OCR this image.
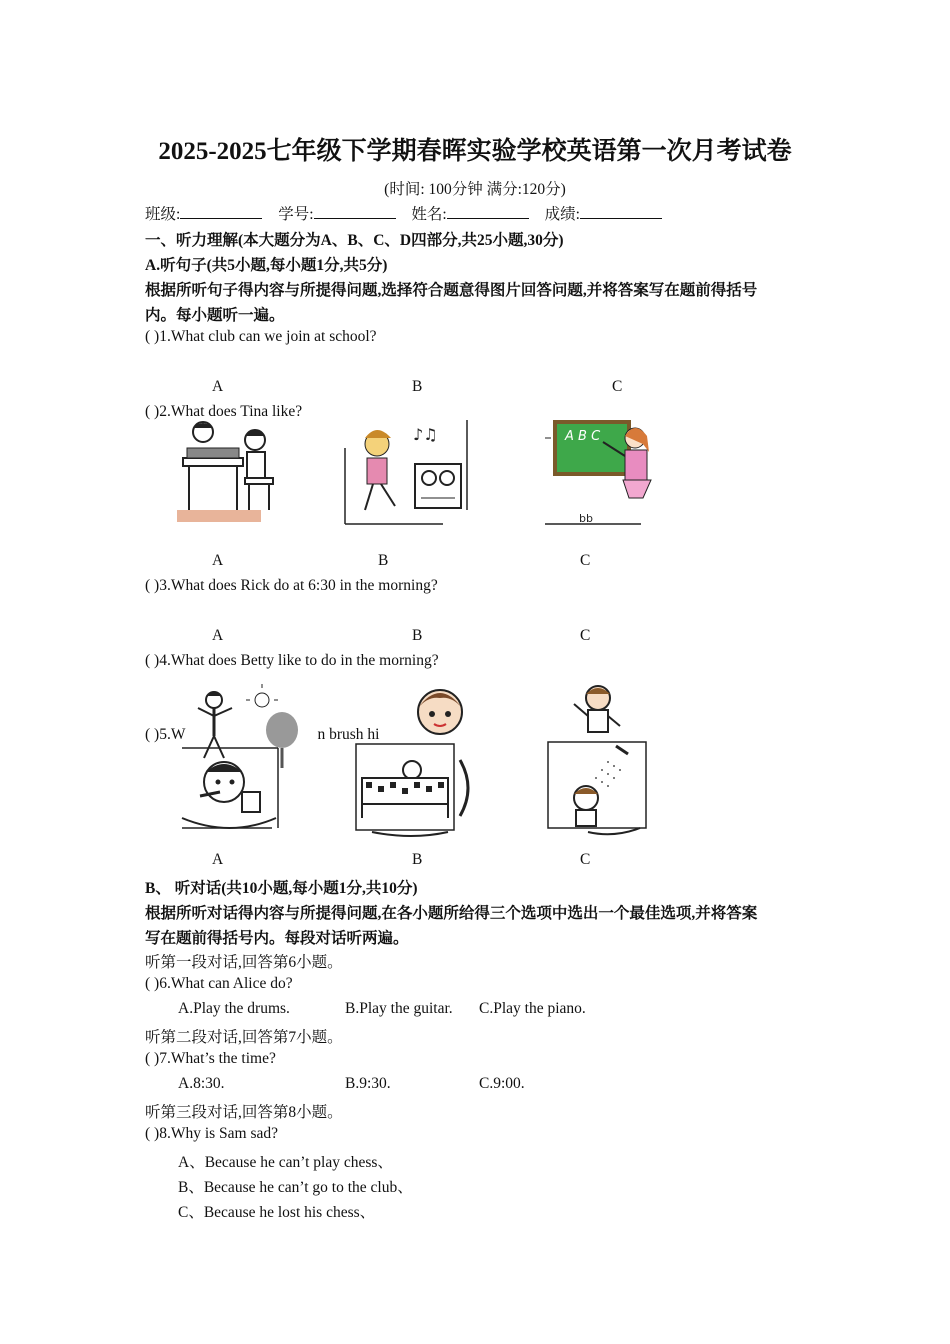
2025-2025七年级下学期春晖实验学校英语第一次月考试卷
(时间: 100分钟 满分:120分)
班级:	学号:	姓名:	成绩:
一、听力理解(本大题分为A、B、C、D四部分,共25小题,30分)
A.听句子(共5小题,每小题1分,共5分)
根据所听句子得内容与所提得问题,选择符合题意得图片回答问题,并将答案写在题前得括号
内。每小题听一遍。
( )1.What club can we join at school?
A	B	C
( )2.What does Tina like?
♪♫	A B C
bb
A	B	C
( )3.What does Rick do at 6:30 in the morning?
A	B	C
( )4.What does Betty like to do in the morning?
( )5.W	n brush hi
A	B	C
B、 听对话(共10小题,每小题1分,共10分)
根据所听对话得内容与所提得问题,在各小题所给得三个选项中选出一个最佳选项,并将答案
写在题前得括号内。每段对话听两遍。
听第一段对话,回答第6小题。
( )6.What can Alice do?
A.Play the drums.	B.Play the guitar. C.Play the piano.
听第二段对话,回答第7小题。
( )7.What’s the time?
A.8:30.	B.9:30.	C.9:00.
听第三段对话,回答第8小题。
( )8.Why is Sam sad?
A、Because he can’t play chess、
B、Because he can’t go to the club、
C、Because he lost his chess、
